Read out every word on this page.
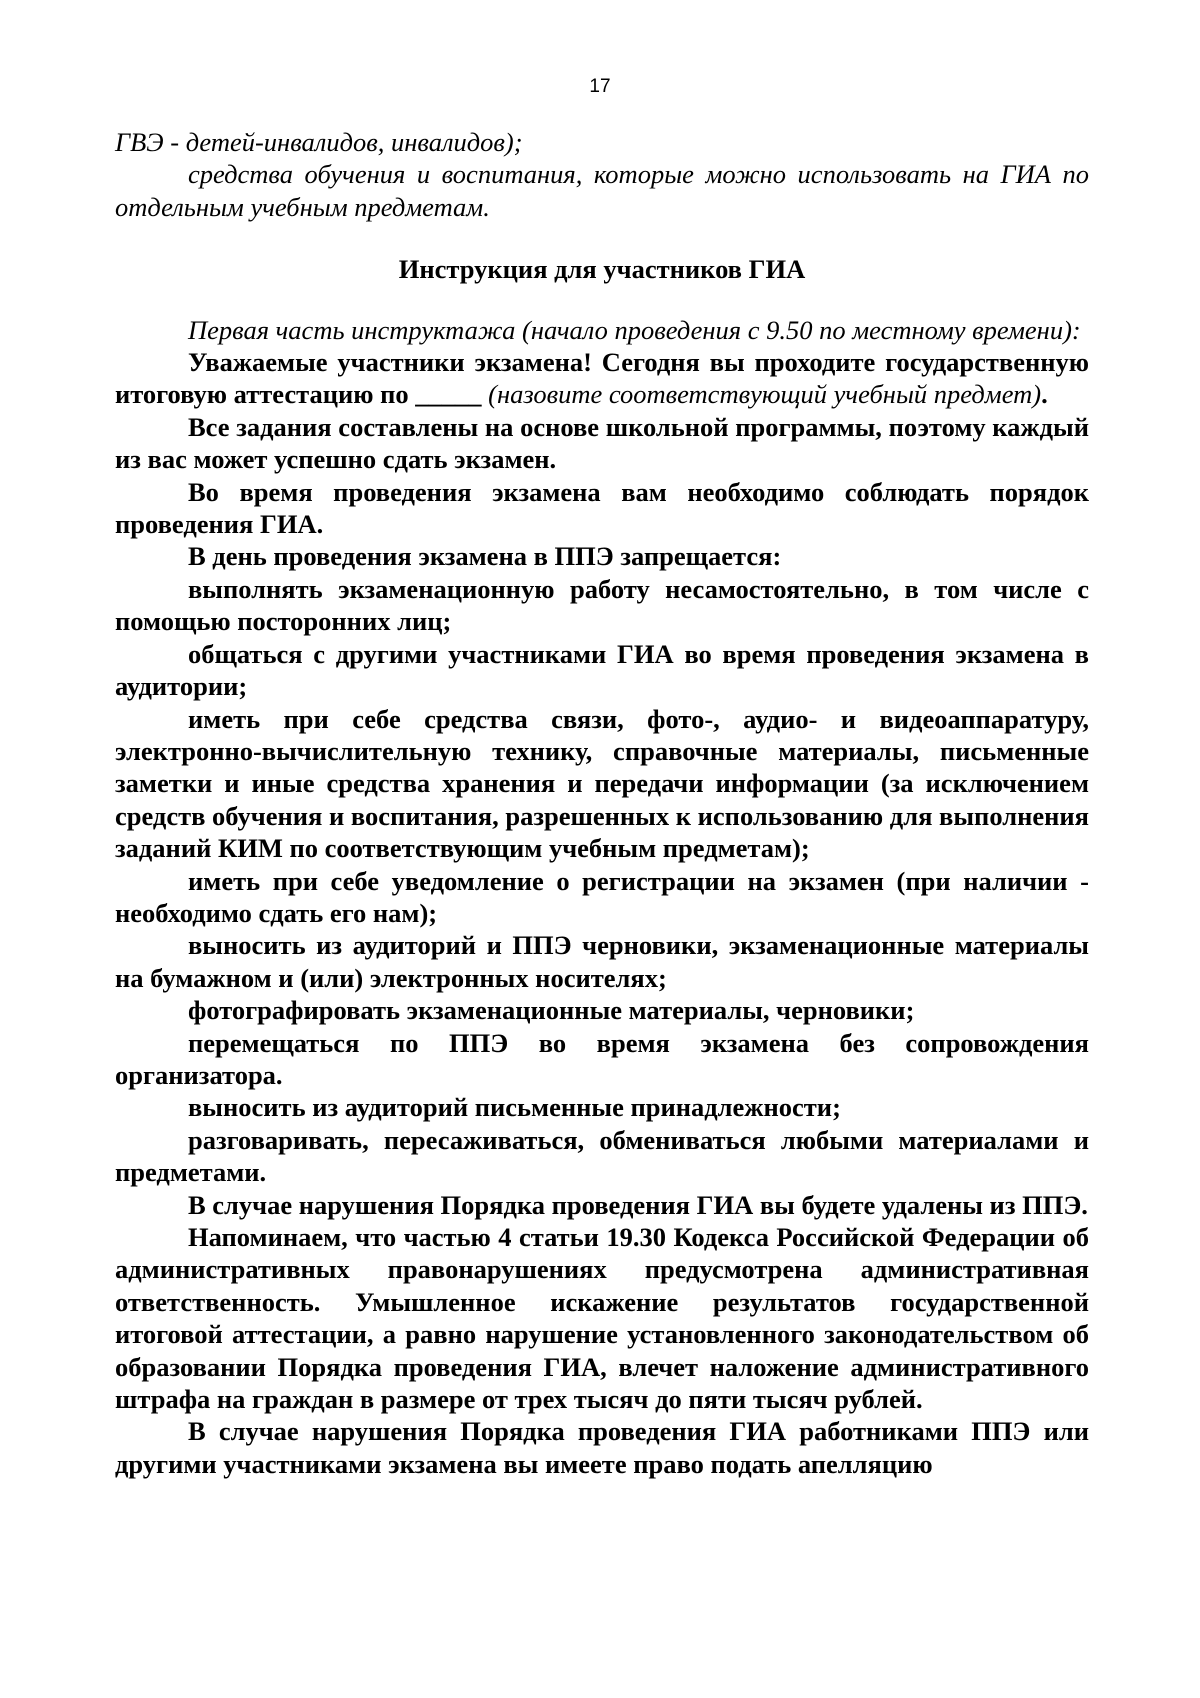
17

ГВЭ - детей-инвалидов, инвалидов);

средства обучения и воспитания, которые можно использовать на ГИА по отдельным учебным предметам.

Инструкция для участников ГИА

Первая часть инструктажа (начало проведения с 9.50 по местному времени):

Уважаемые участники экзамена! Сегодня вы проходите государственную итоговую аттестацию по _____ (назовите соответствующий учебный предмет).

Все задания составлены на основе школьной программы, поэтому каждый из вас может успешно сдать экзамен.

Во время проведения экзамена вам необходимо соблюдать порядок проведения ГИА.

В день проведения экзамена в ППЭ запрещается:

выполнять экзаменационную работу несамостоятельно, в том числе с помощью посторонних лиц;

общаться с другими участниками ГИА во время проведения экзамена в аудитории;

иметь при себе средства связи, фото-, аудио- и видеоаппаратуру, электронно-вычислительную технику, справочные материалы, письменные заметки и иные средства хранения и передачи информации (за исключением средств обучения и воспитания, разрешенных к использованию для выполнения заданий КИМ по соответствующим учебным предметам);

иметь при себе уведомление о регистрации на экзамен (при наличии - необходимо сдать его нам);

выносить из аудиторий и ППЭ черновики, экзаменационные материалы на бумажном и (или) электронных носителях;

фотографировать экзаменационные материалы, черновики;

перемещаться по ППЭ во время экзамена без сопровождения организатора.

выносить из аудиторий письменные принадлежности;

разговаривать, пересаживаться, обмениваться любыми материалами и предметами.

В случае нарушения Порядка проведения ГИА вы будете удалены из ППЭ.

Напоминаем, что частью 4 статьи 19.30 Кодекса Российской Федерации об административных правонарушениях предусмотрена административная ответственность. Умышленное искажение результатов государственной итоговой аттестации, а равно нарушение установленного законодательством об образовании Порядка проведения ГИА, влечет наложение административного штрафа на граждан в размере от трех тысяч до пяти тысяч рублей.

В случае нарушения Порядка проведения ГИА работниками ППЭ или другими участниками экзамена вы имеете право подать апелляцию
